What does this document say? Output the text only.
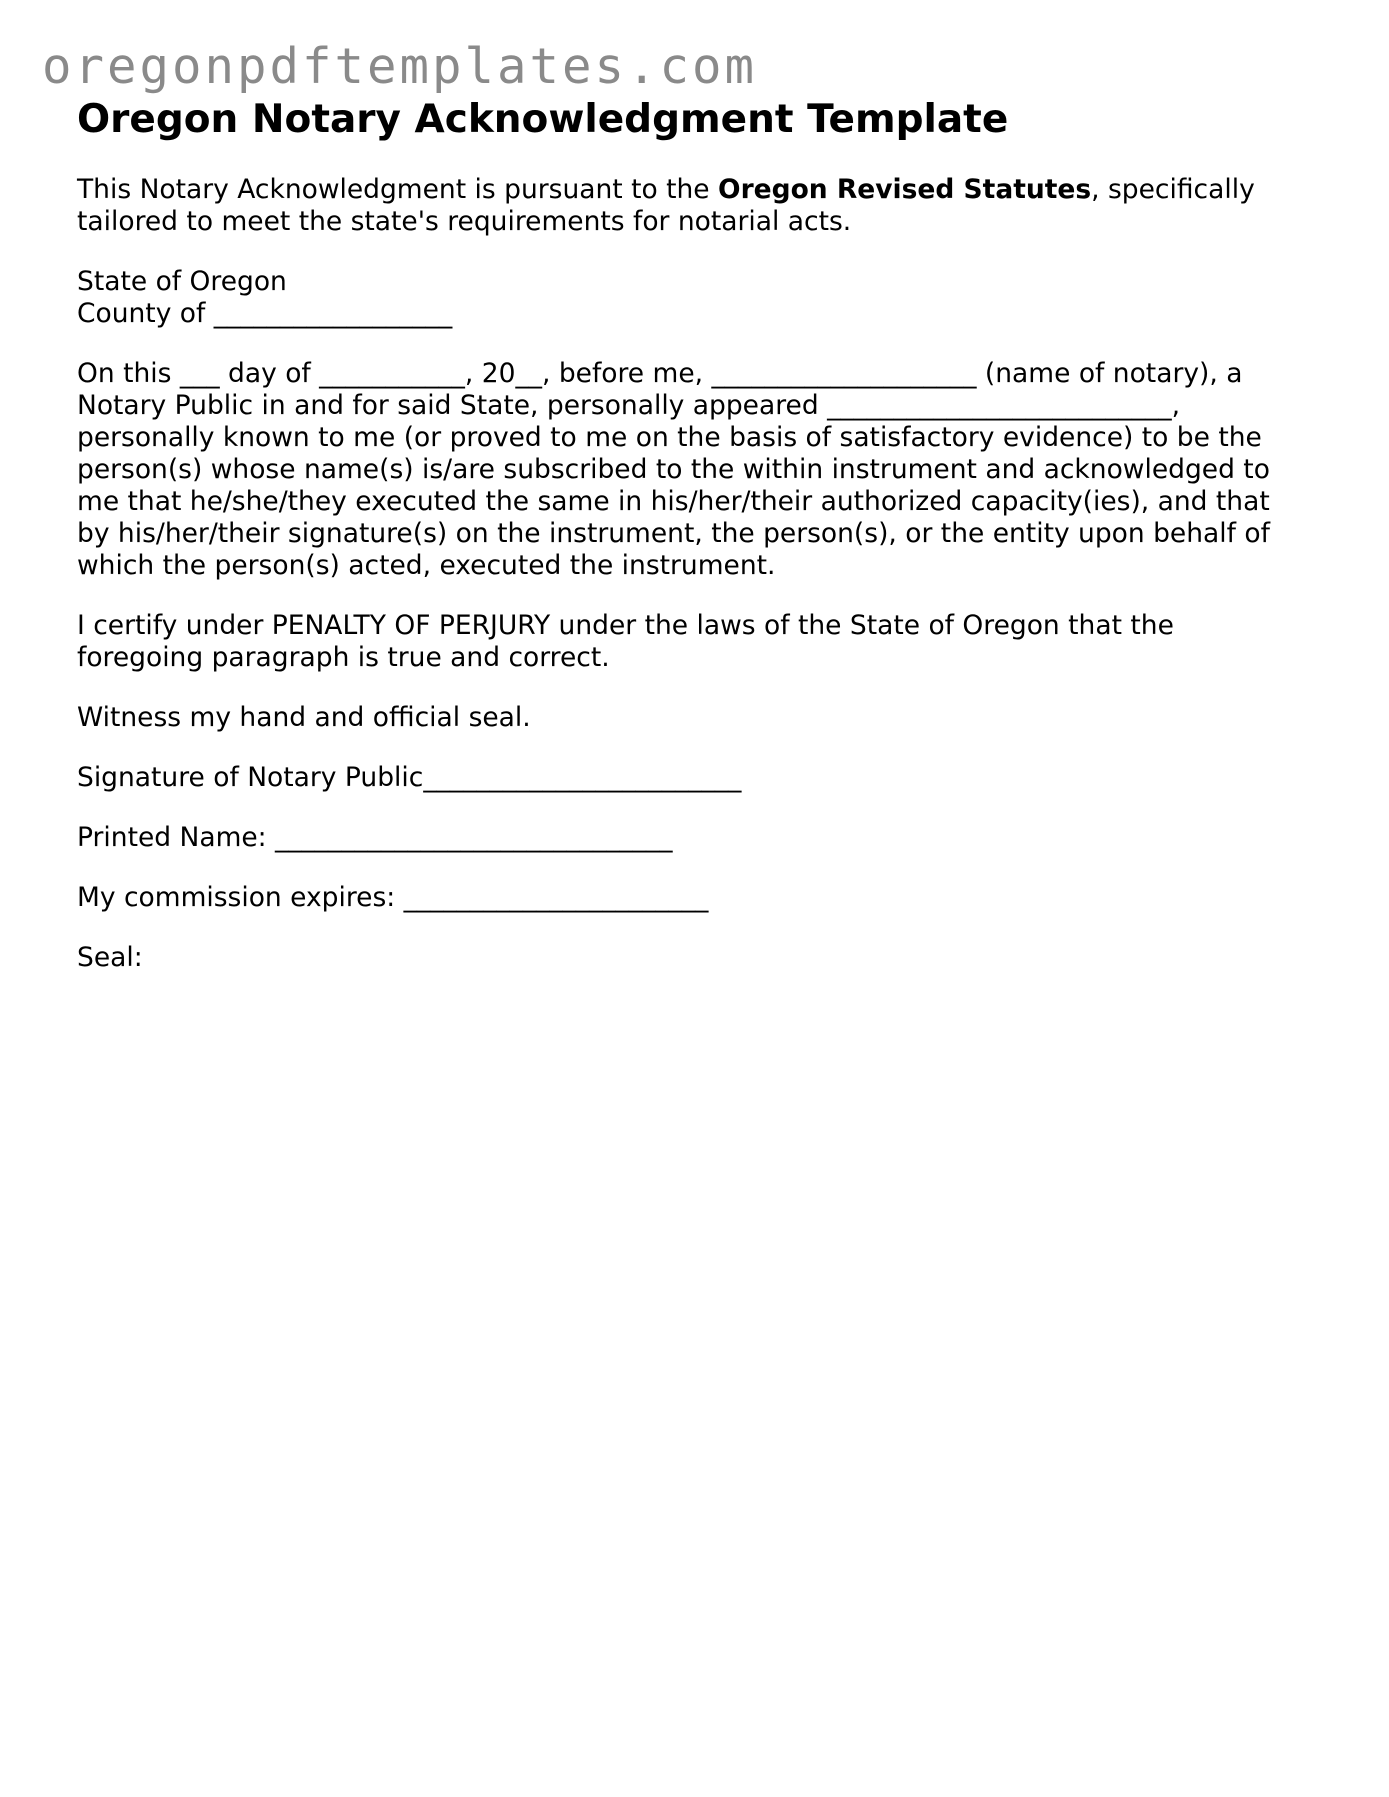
oregonpdftemplates.com
Oregon Notary Acknowledgment Template

This Notary Acknowledgment is pursuant to the Oregon Revised Statutes, specifically tailored to meet the state's requirements for notarial acts.

State of Oregon
County of __________________

On this ___ day of ___________, 20__, before me, ____________________ (name of notary), a
Notary Public in and for said State, personally appeared __________________________,
personally known to me (or proved to me on the basis of satisfactory evidence) to be the
person(s) whose name(s) is/are subscribed to the within instrument and acknowledged to
me that he/she/they executed the same in his/her/their authorized capacity(ies), and that
by his/her/their signature(s) on the instrument, the person(s), or the entity upon behalf of
which the person(s) acted, executed the instrument.

I certify under PENALTY OF PERJURY under the laws of the State of Oregon that the
foregoing paragraph is true and correct.

Witness my hand and official seal.

Signature of Notary Public________________________

Printed Name: ______________________________

My commission expires: _______________________

Seal:
